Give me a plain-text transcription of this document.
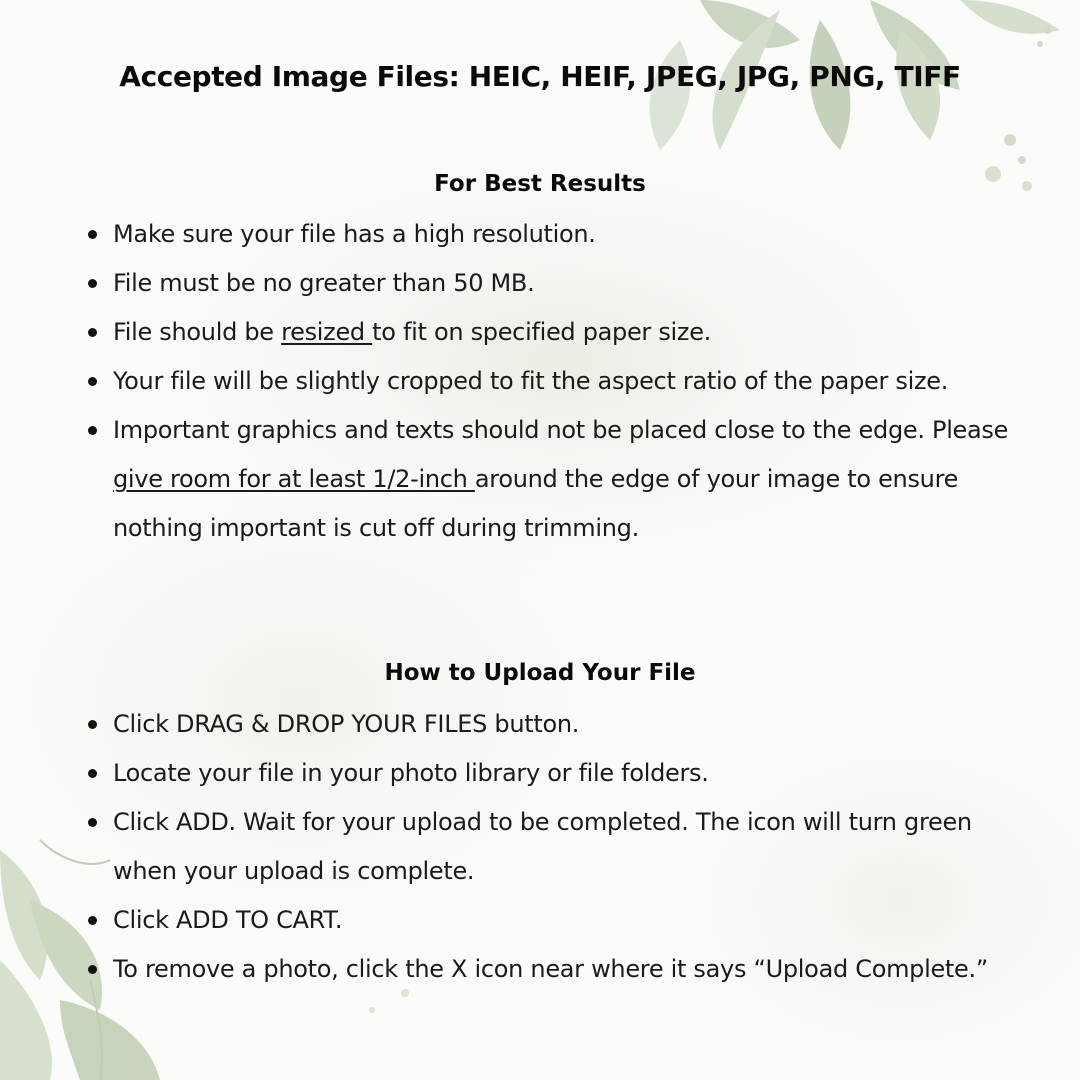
Accepted Image Files: HEIC, HEIF, JPEG, JPG, PNG, TIFF
For Best Results
Make sure your file has a high resolution.
File must be no greater than 50 MB.
File should be resized to fit on specified paper size.
Your file will be slightly cropped to fit the aspect ratio of the paper size.
Important graphics and texts should not be placed close to the edge. Please give room for at least 1/2-inch around the edge of your image to ensure nothing important is cut off during trimming.
How to Upload Your File
Click DRAG & DROP YOUR FILES button.
Locate your file in your photo library or file folders.
Click ADD. Wait for your upload to be completed. The icon will turn green when your upload is complete.
Click ADD TO CART.
To remove a photo, click the X icon near where it says “Upload Complete.”
